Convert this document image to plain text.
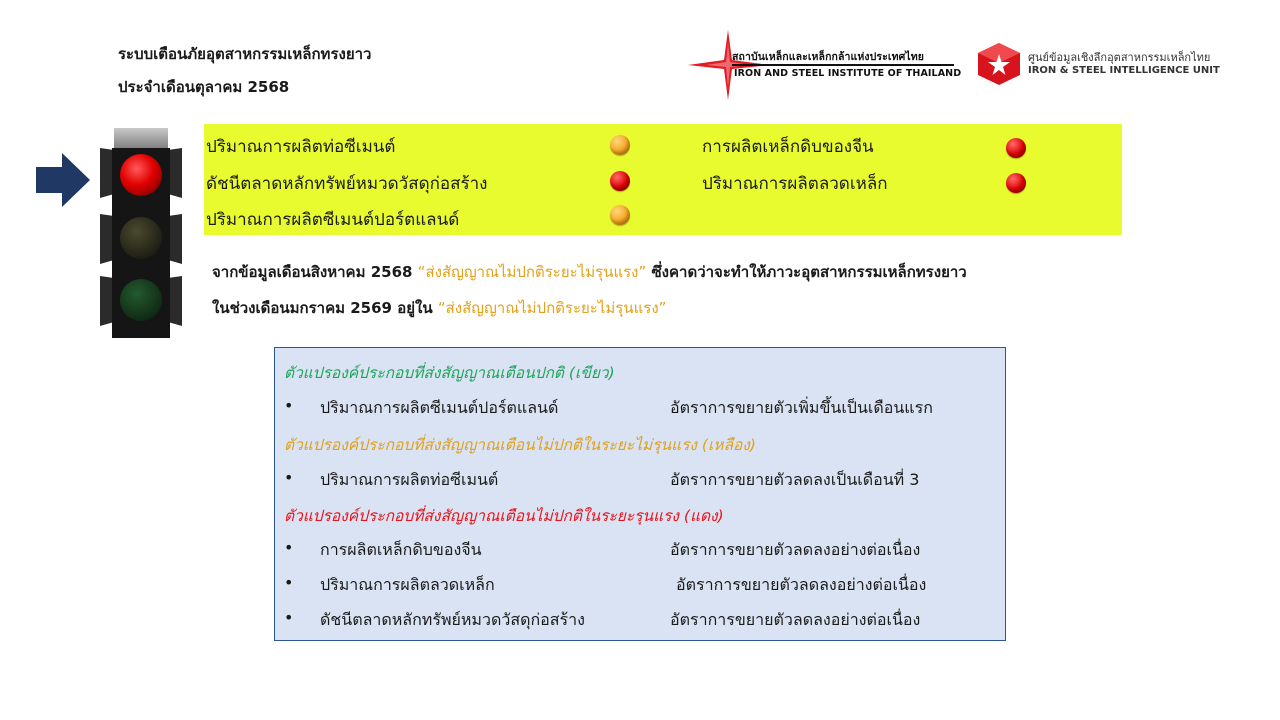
ระบบเตือนภัยอุตสาหกรรมเหล็กทรงยาว
ประจำเดือนตุลาคม 2568
สถาบันเหล็กและเหล็กกล้าแห่งประเทศไทย
IRON AND STEEL INSTITUTE OF THAILAND
ศูนย์ข้อมูลเชิงลึกอุตสาหกรรมเหล็กไทย
IRON & STEEL INTELLIGENCE UNIT
ปริมาณการผลิตท่อซีเมนต์
ดัชนีตลาดหลักทรัพย์หมวดวัสดุก่อสร้าง
ปริมาณการผลิตซีเมนต์ปอร์ตแลนด์
การผลิตเหล็กดิบของจีน
ปริมาณการผลิตลวดเหล็ก
จากข้อมูลเดือนสิงหาคม 2568 “ส่งสัญญาณไม่ปกติระยะไม่รุนแรง” ซึ่งคาดว่าจะทำให้ภาวะอุตสาหกรรมเหล็กทรงยาว
ในช่วงเดือนมกราคม 2569 อยู่ใน “ส่งสัญญาณไม่ปกติระยะไม่รุนแรง”
ตัวแปรองค์ประกอบที่ส่งสัญญาณเตือนปกติ (เขียว)
• ปริมาณการผลิตซีเมนต์ปอร์ตแลนด์	อัตราการขยายตัวเพิ่มขึ้นเป็นเดือนแรก
ตัวแปรองค์ประกอบที่ส่งสัญญาณเตือนไม่ปกติในระยะไม่รุนแรง (เหลือง)
• ปริมาณการผลิตท่อซีเมนต์	อัตราการขยายตัวลดลงเป็นเดือนที่ 3
ตัวแปรองค์ประกอบที่ส่งสัญญาณเตือนไม่ปกติในระยะรุนแรง (แดง)
• การผลิตเหล็กดิบของจีน	อัตราการขยายตัวลดลงอย่างต่อเนื่อง
• ปริมาณการผลิตลวดเหล็ก	อัตราการขยายตัวลดลงอย่างต่อเนื่อง
• ดัชนีตลาดหลักทรัพย์หมวดวัสดุก่อสร้าง	อัตราการขยายตัวลดลงอย่างต่อเนื่อง
